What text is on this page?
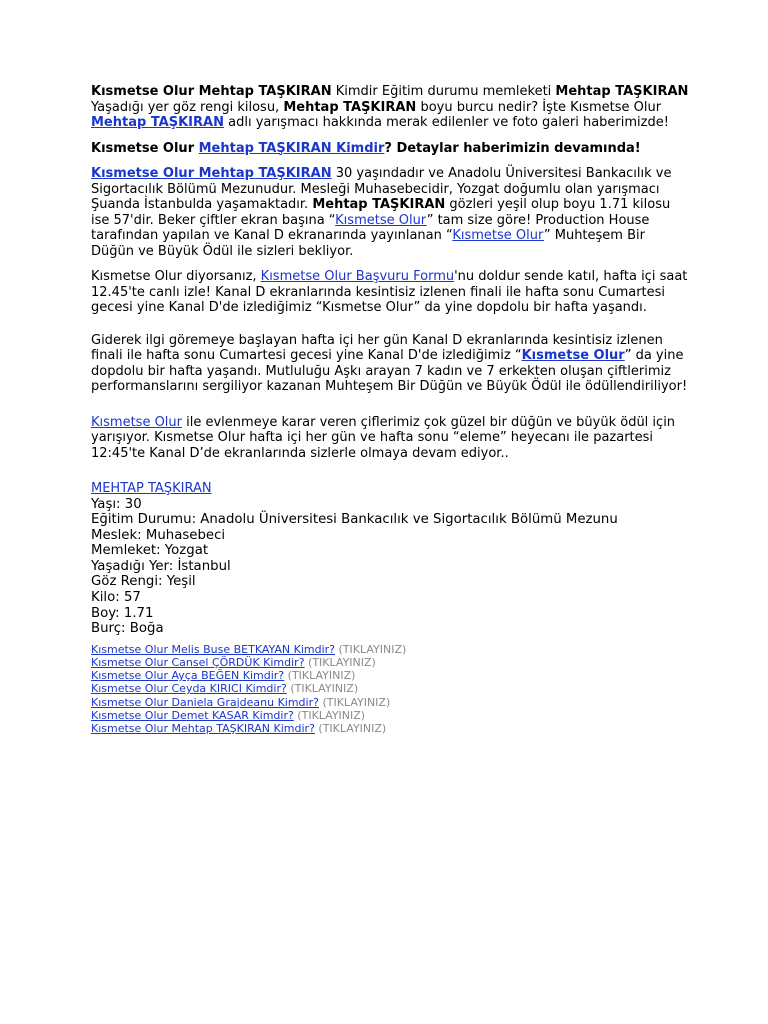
Kısmetse Olur Mehtap TAŞKIRAN Kimdir Eğitim durumu memleketi Mehtap TAŞKIRAN Yaşadığı yer göz rengi kilosu, Mehtap TAŞKIRAN boyu burcu nedir? İşte Kısmetse Olur Mehtap TAŞKIRAN adlı yarışmacı hakkında merak edilenler ve foto galeri haberimizde!

Kısmetse Olur Mehtap TAŞKIRAN Kimdir? Detaylar haberimizin devamında!

Kısmetse Olur Mehtap TAŞKIRAN 30 yaşındadır ve Anadolu Üniversitesi Bankacılık ve Sigortacılık Bölümü Mezunudur. Mesleği Muhasebecidir, Yozgat doğumlu olan yarışmacı Şuanda İstanbulda yaşamaktadır. Mehtap TAŞKIRAN gözleri yeşil olup boyu 1.71 kilosu ise 57'dir. Beker çiftler ekran başına “Kısmetse Olur” tam size göre! Production House tarafından yapılan ve Kanal D ekranarında yayınlanan “Kısmetse Olur” Muhteşem Bir Düğün ve Büyük Ödül ile sizleri bekliyor.

Kısmetse Olur diyorsanız, Kısmetse Olur Başvuru Formu'nu doldur sende katıl, hafta içi saat 12.45'te canlı izle! Kanal D ekranlarında kesintisiz izlenen finali ile hafta sonu Cumartesi gecesi yine Kanal D'de izlediğimiz “Kısmetse Olur” da yine dopdolu bir hafta yaşandı.

Giderek ilgi göremeye başlayan hafta içi her gün Kanal D ekranlarında kesintisiz izlenen finali ile hafta sonu Cumartesi gecesi yine Kanal D'de izlediğimiz “Kısmetse Olur” da yine dopdolu bir hafta yaşandı. Mutluluğu Aşkı arayan 7 kadın ve 7 erkekten oluşan çiftlerimiz performanslarını sergiliyor kazanan Muhteşem Bir Düğün ve Büyük Ödül ile ödüllendiriliyor!

Kısmetse Olur ile evlenmeye karar veren çiflerimiz çok güzel bir düğün ve büyük ödül için yarışıyor. Kısmetse Olur hafta içi her gün ve hafta sonu “eleme” heyecanı ile pazartesi 12:45'te Kanal D’de ekranlarında sizlerle olmaya devam ediyor..

MEHTAP TAŞKIRAN
Yaşı: 30
Eğitim Durumu: Anadolu Üniversitesi Bankacılık ve Sigortacılık Bölümü Mezunu
Meslek: Muhasebeci
Memleket: Yozgat
Yaşadığı Yer: İstanbul
Göz Rengi: Yeşil
Kilo: 57
Boy: 1.71
Burç: Boğa
Kısmetse Olur Melis Buse BETKAYAN Kimdir? (TIKLAYINIZ)
Kısmetse Olur Cansel ÇÖRDÜK Kimdir? (TIKLAYINIZ)
Kısmetse Olur Ayça BEĞEN Kimdir? (TIKLAYINIZ)
Kısmetse Olur Ceyda KIRICI Kimdir? (TIKLAYINIZ)
Kısmetse Olur Daniela Grajdeanu Kimdir? (TIKLAYINIZ)
Kısmetse Olur Demet KASAR Kimdir? (TIKLAYINIZ)
Kısmetse Olur Mehtap TAŞKIRAN Kimdir? (TIKLAYINIZ)
